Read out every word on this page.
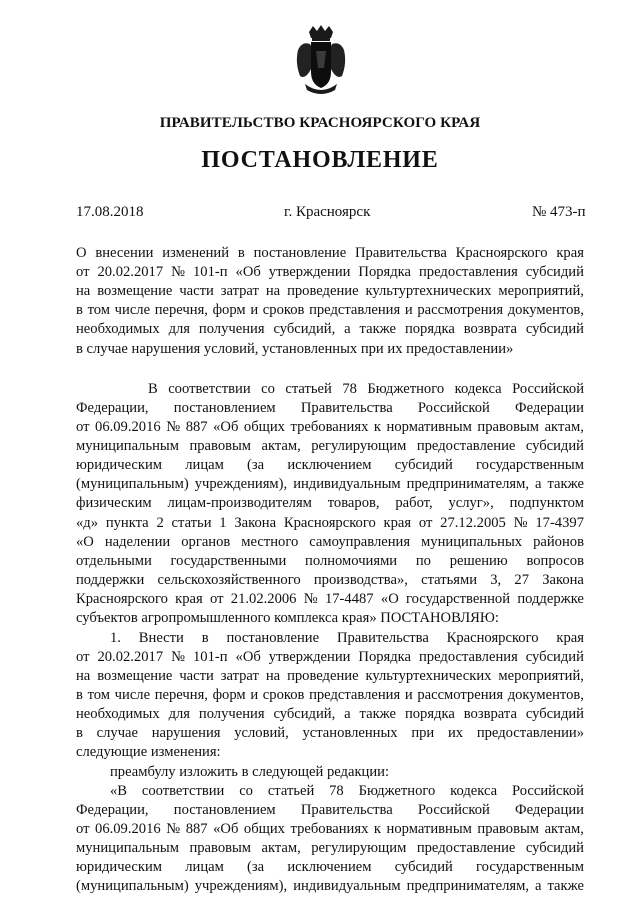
ПРАВИТЕЛЬСТВО КРАСНОЯРСКОГО КРАЯ
ПОСТАНОВЛЕНИЕ
17.08.2018	г. Красноярск	№ 473-п
О внесении изменений в постановление Правительства Красноярского края
от 20.02.2017 № 101-п «Об утверждении Порядка предоставления субсидий
на возмещение части затрат на проведение культуртехнических мероприятий,
в том числе перечня, форм и сроков представления и рассмотрения документов,
необходимых для получения субсидий, а также порядка возврата субсидий
в случае нарушения условий, установленных при их предоставлении»
В соответствии со статьей 78 Бюджетного кодекса Российской
Федерации, постановлением Правительства Российской Федерации
от 06.09.2016 № 887 «Об общих требованиях к нормативным правовым актам,
муниципальным правовым актам, регулирующим предоставление субсидий
юридическим лицам (за исключением субсидий государственным
(муниципальным) учреждениям), индивидуальным предпринимателям, а также
физическим лицам-производителям товаров, работ, услуг», подпунктом
«д» пункта 2 статьи 1 Закона Красноярского края от 27.12.2005 № 17-4397
«О наделении органов местного самоуправления муниципальных районов
отдельными государственными полномочиями по решению вопросов
поддержки сельскохозяйственного производства», статьями 3, 27 Закона
Красноярского края от 21.02.2006 № 17-4487 «О государственной поддержке
субъектов агропромышленного комплекса края» ПОСТАНОВЛЯЮ:
1. Внести в постановление Правительства Красноярского края
от 20.02.2017 № 101-п «Об утверждении Порядка предоставления субсидий
на возмещение части затрат на проведение культуртехнических мероприятий,
в том числе перечня, форм и сроков представления и рассмотрения документов,
необходимых для получения субсидий, а также порядка возврата субсидий
в случае нарушения условий, установленных при их предоставлении»
следующие изменения:
преамбулу изложить в следующей редакции:
«В соответствии со статьей 78 Бюджетного кодекса Российской
Федерации, постановлением Правительства Российской Федерации
от 06.09.2016 № 887 «Об общих требованиях к нормативным правовым актам,
муниципальным правовым актам, регулирующим предоставление субсидий
юридическим лицам (за исключением субсидий государственным
(муниципальным) учреждениям), индивидуальным предпринимателям, а также
